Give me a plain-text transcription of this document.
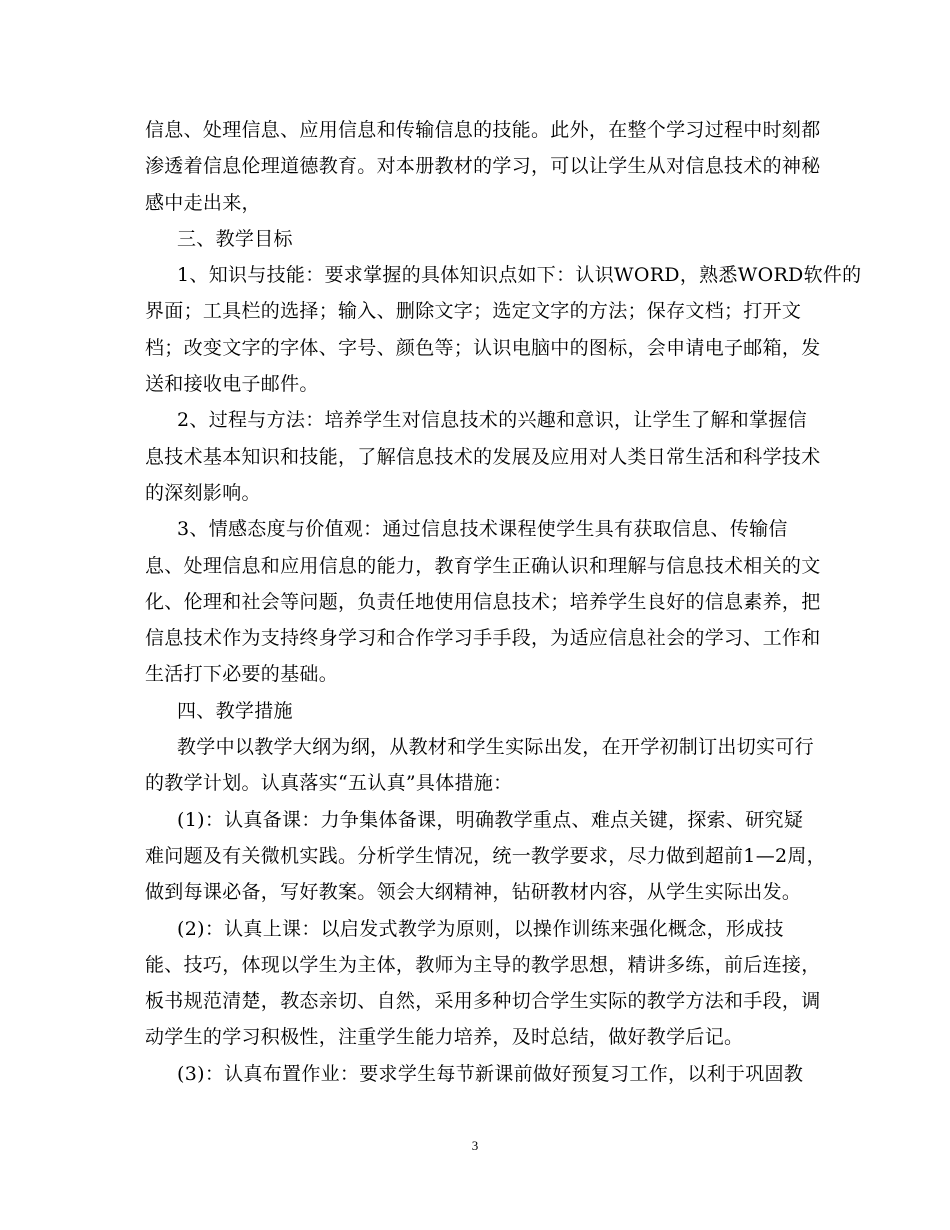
信息、处理信息、应用信息和传输信息的技能。此外，在整个学习过程中时刻都
渗透着信息伦理道德教育。对本册教材的学习，可以让学生从对信息技术的神秘
感中走出来，
三、教学目标
1、知识与技能：要求掌握的具体知识点如下：认识WORD，熟悉WORD软件的
界面；工具栏的选择；输入、删除文字；选定文字的方法；保存文档；打开文
档；改变文字的字体、字号、颜色等；认识电脑中的图标，会申请电子邮箱，发
送和接收电子邮件。
2、过程与方法：培养学生对信息技术的兴趣和意识，让学生了解和掌握信
息技术基本知识和技能，了解信息技术的发展及应用对人类日常生活和科学技术
的深刻影响。
3、情感态度与价值观：通过信息技术课程使学生具有获取信息、传输信
息、处理信息和应用信息的能力，教育学生正确认识和理解与信息技术相关的文
化、伦理和社会等问题，负责任地使用信息技术；培养学生良好的信息素养，把
信息技术作为支持终身学习和合作学习手手段，为适应信息社会的学习、工作和
生活打下必要的基础。
四、教学措施
教学中以教学大纲为纲，从教材和学生实际出发，在开学初制订出切实可行
的教学计划。认真落实“五认真”具体措施：
(1)：认真备课：力争集体备课，明确教学重点、难点关键，探索、研究疑
难问题及有关微机实践。分析学生情况，统一教学要求，尽力做到超前1—2周，
做到每课必备，写好教案。领会大纲精神，钻研教材内容，从学生实际出发。
(2)：认真上课：以启发式教学为原则，以操作训练来强化概念，形成技
能、技巧，体现以学生为主体，教师为主导的教学思想，精讲多练，前后连接，
板书规范清楚，教态亲切、自然，采用多种切合学生实际的教学方法和手段，调
动学生的学习积极性，注重学生能力培养，及时总结，做好教学后记。
(3)：认真布置作业：要求学生每节新课前做好预复习工作，以利于巩固教
3
